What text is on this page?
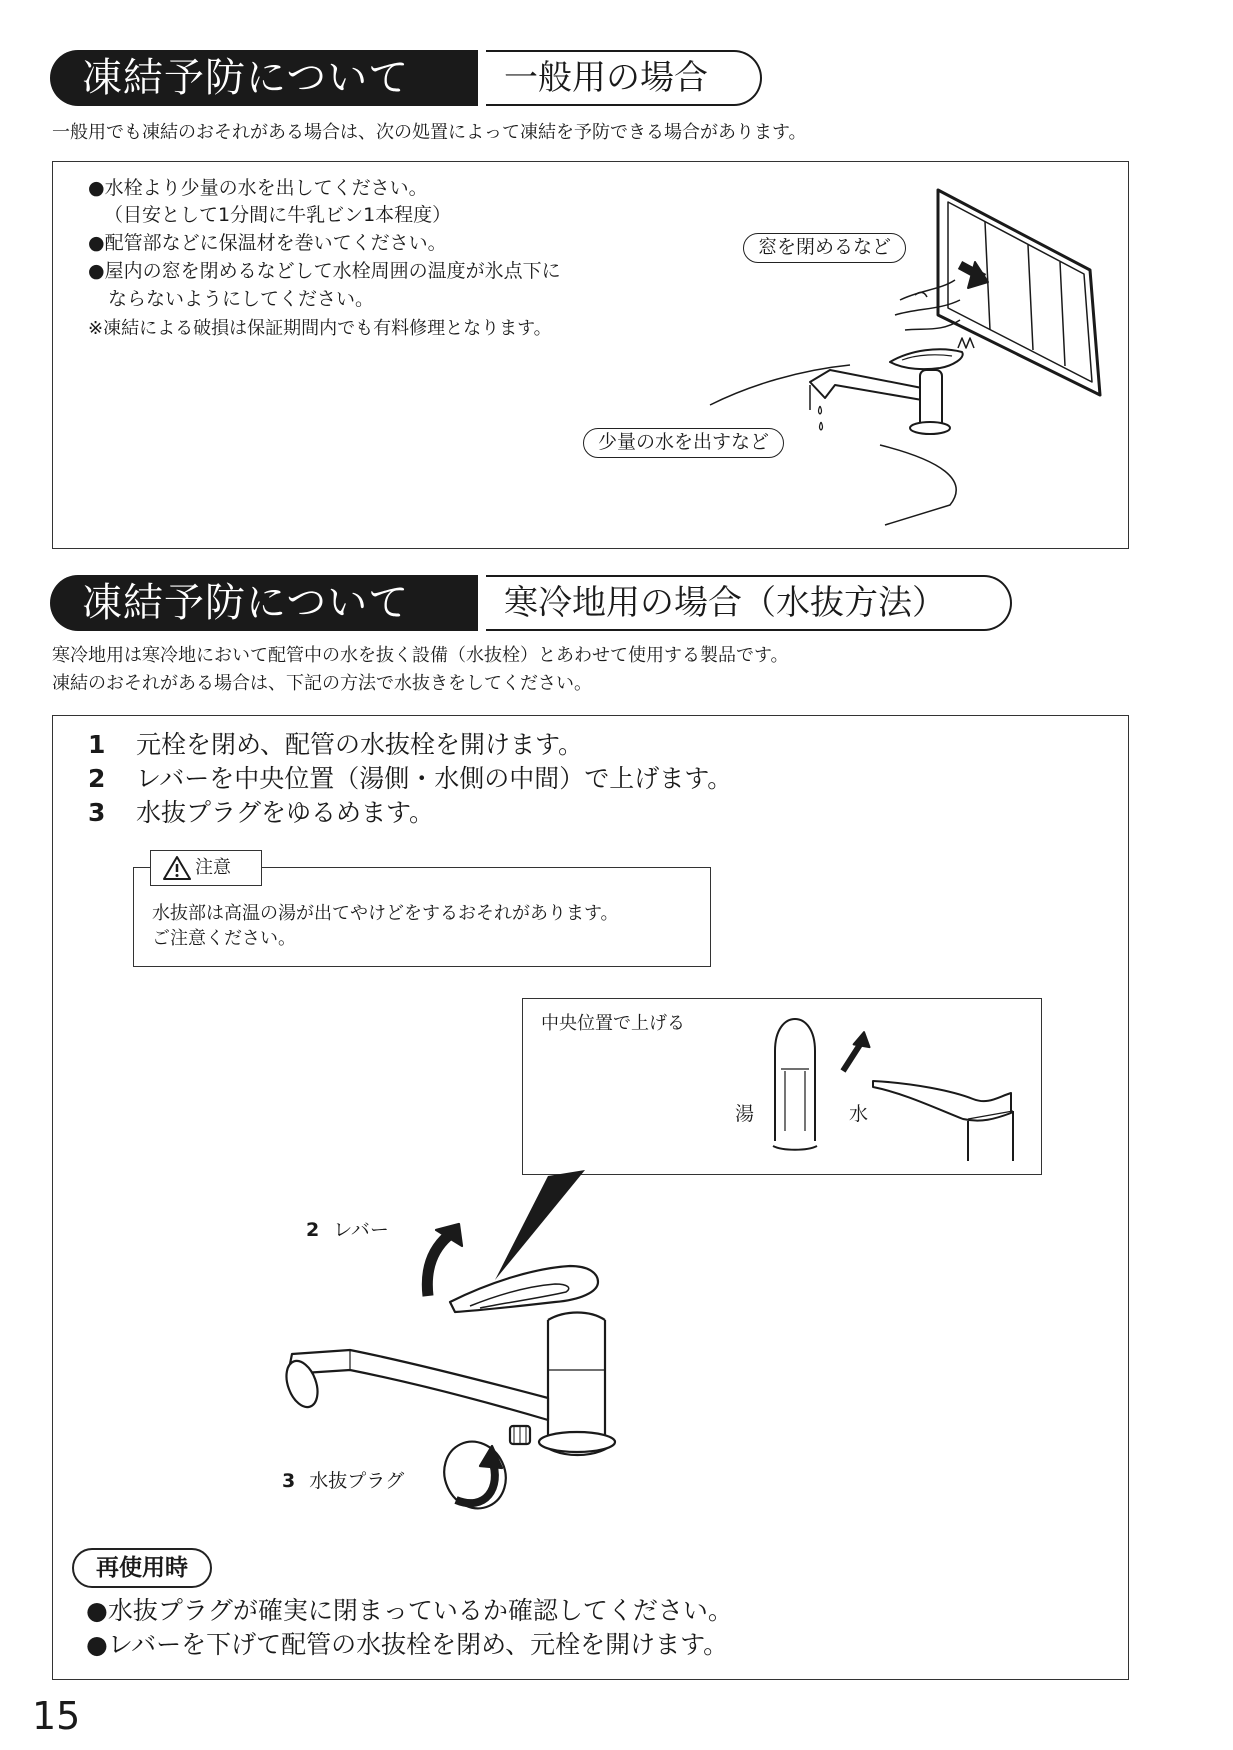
凍結予防について	一般用の場合
一般用でも凍結のおそれがある場合は、次の処置によって凍結を予防できる場合があります。
●水栓より少量の水を出してください。
（目安として1分間に牛乳ビン1本程度）
●配管部などに保温材を巻いてください。
●屋内の窓を閉めるなどして水栓周囲の温度が氷点下に
ならないようにしてください。
※凍結による破損は保証期間内でも有料修理となります。
窓を閉めるなど
少量の水を出すなど
凍結予防について	寒冷地用の場合（水抜方法）
寒冷地用は寒冷地において配管中の水を抜く設備（水抜栓）とあわせて使用する製品です。
凍結のおそれがある場合は、下記の方法で水抜きをしてください。
1 元栓を閉め、配管の水抜栓を開けます。
2 レバーを中央位置（湯側・水側の中間）で上げます。
3 水抜プラグをゆるめます。
注意
水抜部は高温の湯が出てやけどをするおそれがあります。
ご注意ください。
中央位置で上げる
湯	水
2 レバー
3 水抜プラグ
再使用時
●水抜プラグが確実に閉まっているか確認してください。
●レバーを下げて配管の水抜栓を閉め、元栓を開けます。
15
